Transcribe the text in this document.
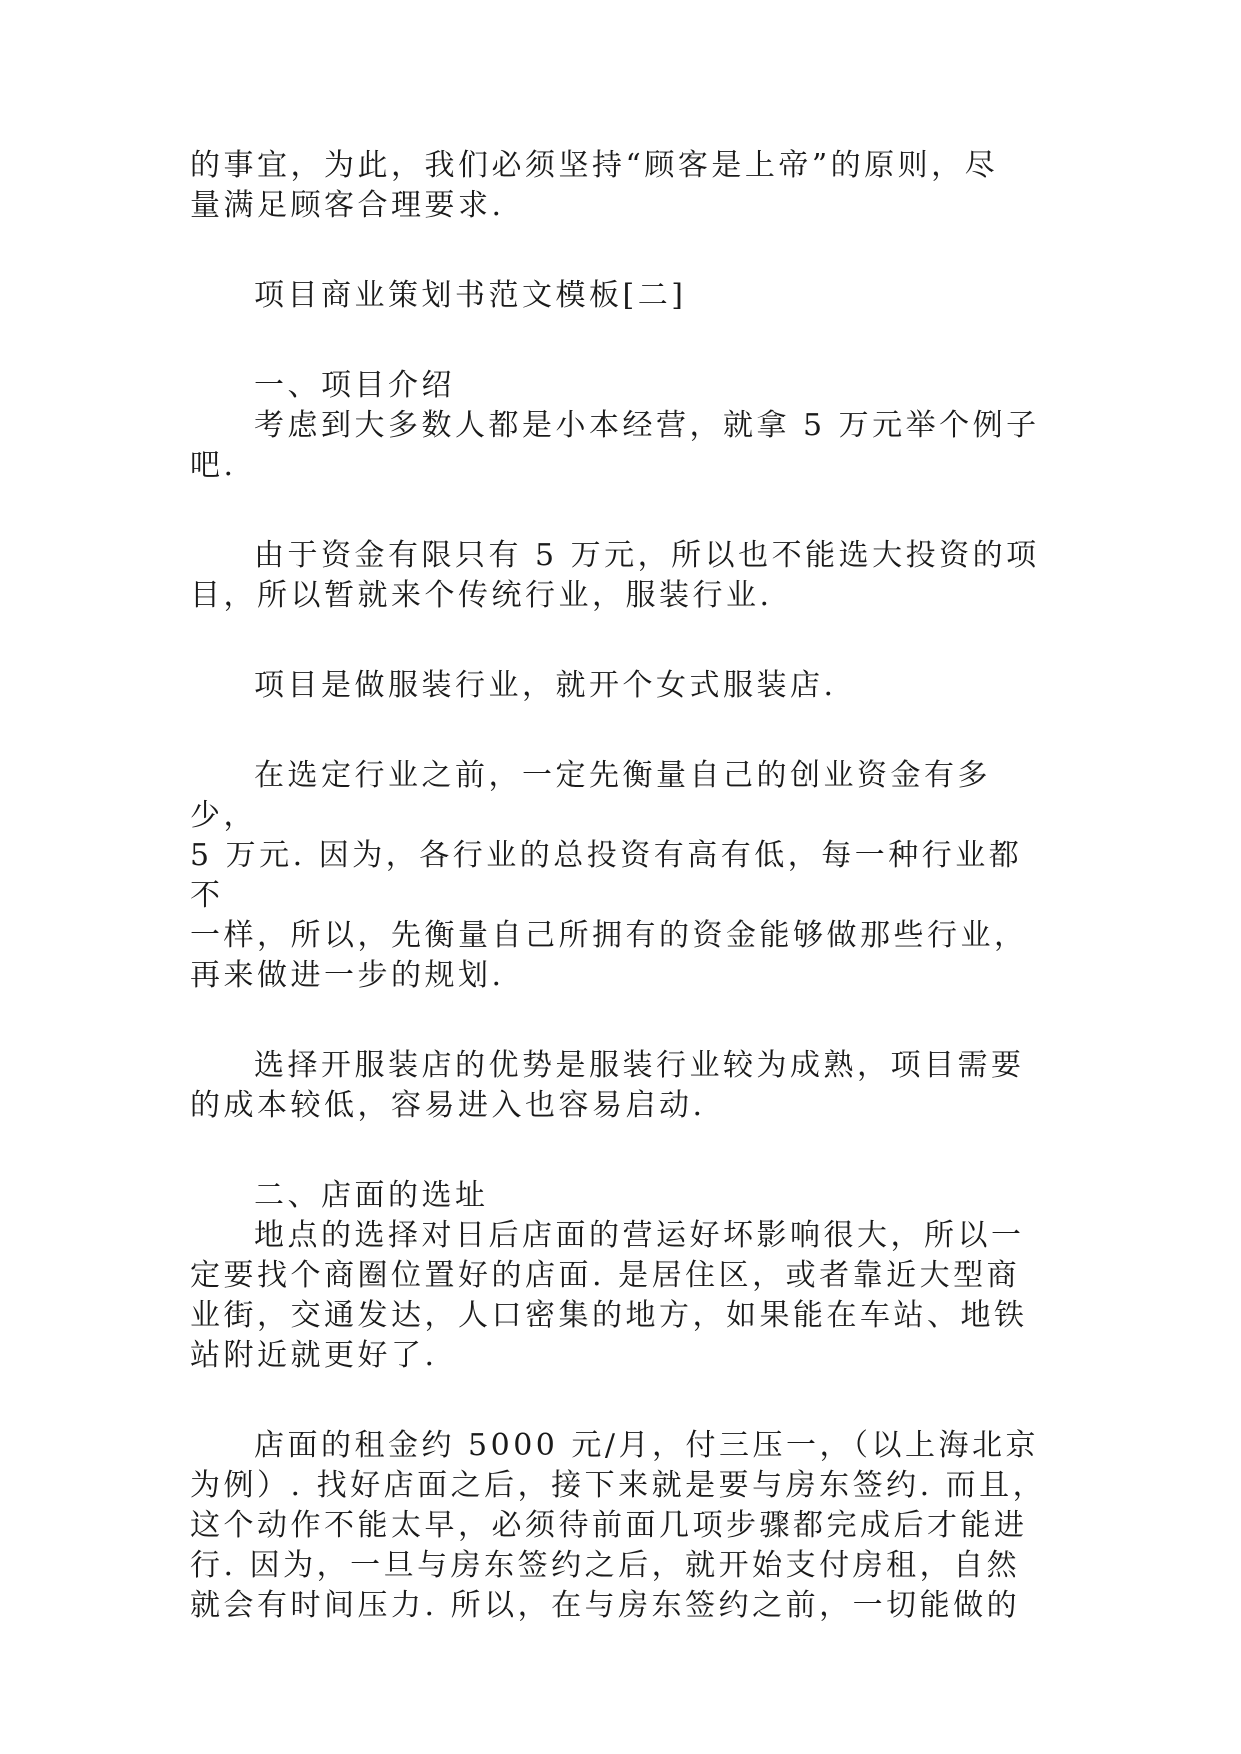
的事宜，为此，我们必须坚持“顾客是上帝”的原则，尽
量满足顾客合理要求.

项目商业策划书范文模板[二]

一、项目介绍

考虑到大多数人都是小本经营，就拿 5 万元举个例子
吧.

由于资金有限只有 5 万元，所以也不能选大投资的项
目，所以暂就来个传统行业，服装行业.

项目是做服装行业，就开个女式服装店.

在选定行业之前，一定先衡量自己的创业资金有多少，
5 万元. 因为，各行业的总投资有高有低，每一种行业都不
一样，所以，先衡量自己所拥有的资金能够做那些行业，
再来做进一步的规划.

选择开服装店的优势是服装行业较为成熟，项目需要
的成本较低，容易进入也容易启动.

二、店面的选址

地点的选择对日后店面的营运好坏影响很大，所以一
定要找个商圈位置好的店面. 是居住区，或者靠近大型商
业街，交通发达，人口密集的地方，如果能在车站、地铁
站附近就更好了.

店面的租金约 5000 元/月，付三压一，（以上海北京
为例）. 找好店面之后，接下来就是要与房东签约. 而且，
这个动作不能太早，必须待前面几项步骤都完成后才能进
行. 因为，一旦与房东签约之后，就开始支付房租，自然
就会有时间压力. 所以，在与房东签约之前，一切能做的
